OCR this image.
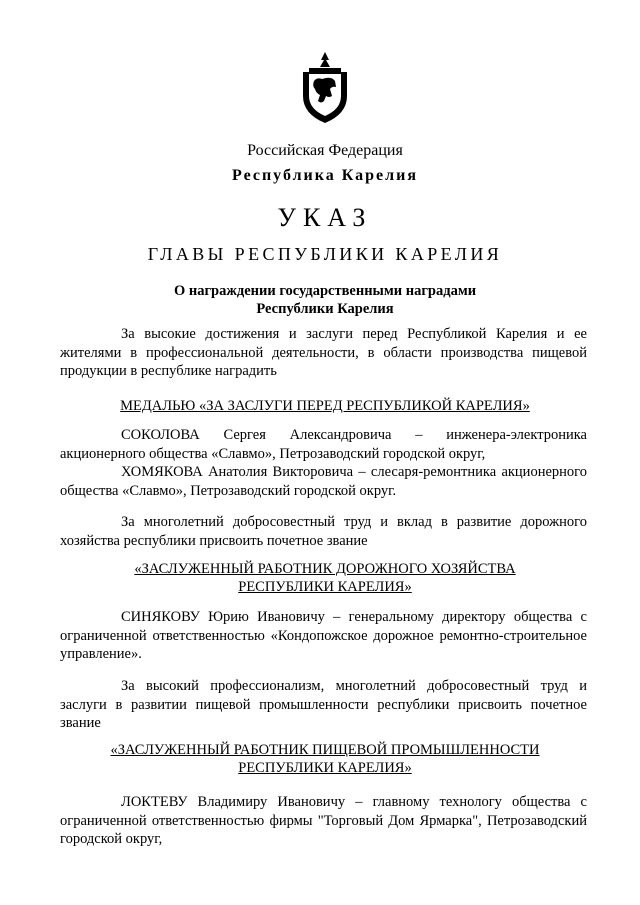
Российская Федерация
Республика Карелия
УКАЗ
ГЛАВЫ РЕСПУБЛИКИ КАРЕЛИЯ
О награждении государственными наградами
Республики Карелия

За высокие достижения и заслуги перед Республикой Карелия и ее жителями в профессиональной деятельности, в области производства пищевой продукции в республике наградить

МЕДАЛЬЮ «ЗА ЗАСЛУГИ ПЕРЕД РЕСПУБЛИКОЙ КАРЕЛИЯ»

СОКОЛОВА Сергея Александровича – инженера-электроника акционерного общества «Славмо», Петрозаводский городской округ,

ХОМЯКОВА Анатолия Викторовича – слесаря-ремонтника акционерного общества «Славмо», Петрозаводский городской округ.

За многолетний добросовестный труд и вклад в развитие дорожного хозяйства республики присвоить почетное звание

«ЗАСЛУЖЕННЫЙ РАБОТНИК ДОРОЖНОГО ХОЗЯЙСТВА
РЕСПУБЛИКИ КАРЕЛИЯ»

СИНЯКОВУ Юрию Ивановичу – генеральному директору общества с ограниченной ответственностью «Кондопожское дорожное ремонтно-строительное управление».

За высокий профессионализм, многолетний добросовестный труд и заслуги в развитии пищевой промышленности республики присвоить почетное звание

«ЗАСЛУЖЕННЫЙ РАБОТНИК ПИЩЕВОЙ ПРОМЫШЛЕННОСТИ
РЕСПУБЛИКИ КАРЕЛИЯ»

ЛОКТЕВУ Владимиру Ивановичу – главному технологу общества с ограниченной ответственностью фирмы "Торговый Дом Ярмарка", Петрозаводский городской округ,
